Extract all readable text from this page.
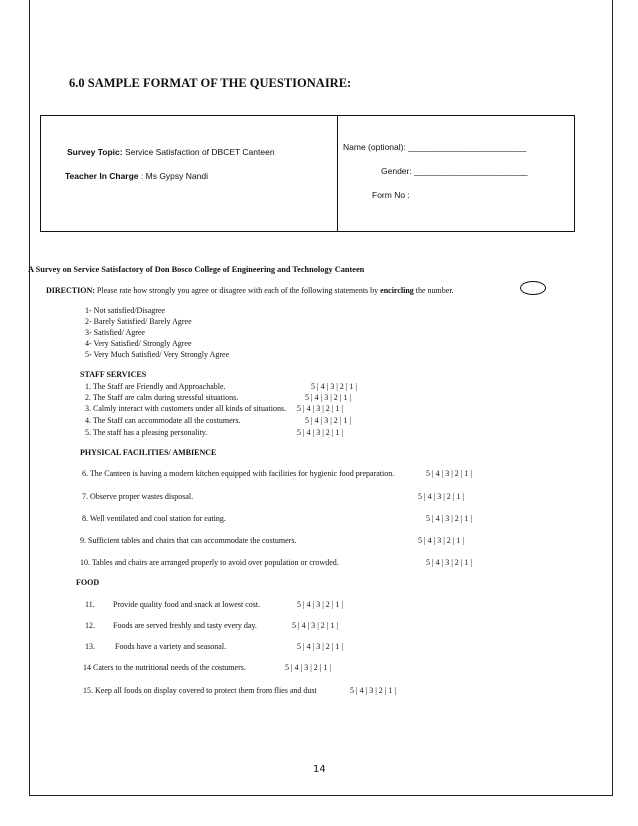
6.0 SAMPLE FORMAT OF THE QUESTIONAIRE:
Survey Topic: Service Satisfaction of DBCET Canteen
Teacher In Charge : Ms Gypsy Nandi
Name (optional): _________________________
Gender: ________________________
Form No :
A Survey on Service Satisfactory of Don Bosco College of Engineering and Technology Canteen
DIRECTION: Please rate how strongly you agree or disagree with each of the following statements by encircling the number.
1- Not satisfied/Disagree
2- Barely Satisfied/ Barely Agree
3- Satisfied/ Agree
4- Very Satisfied/ Strongly Agree
5- Very Much Satisfied/ Very Strongly Agree
STAFF SERVICES
1. The Staff are Friendly and Approachable.	5 | 4 | 3 | 2 | 1 |
2. The Staff are calm during stressful situations.	5 | 4 | 3 | 2 | 1 |
3. Calmly interact with customers under all kinds of situations. 5 | 4 | 3 | 2 | 1 |
4. The Staff can accommodate all the costumers.	5 | 4 | 3 | 2 | 1 |
5. The staff has a pleasing personality.	5 | 4 | 3 | 2 | 1 |
PHYSICAL FACILITIES/ AMBIENCE
6. The Canteen is having a modern kitchen equipped with facilities for hygienic food preparation.	5 | 4 | 3 | 2 | 1 |
7. Observe proper wastes disposal.	5 | 4 | 3 | 2 | 1 |
8. Well ventilated and cool station for eating.	5 | 4 | 3 | 2 | 1 |
9. Sufficient tables and chairs that can accommodate the costumers.	5 | 4 | 3 | 2 | 1 |
10. Tables and chairs are arranged properly to avoid over population or crowded.	5 | 4 | 3 | 2 | 1 |
FOOD
11. Provide quality food and snack at lowest cost.	5 | 4 | 3 | 2 | 1 |
12. Foods are served freshly and tasty every day.	5 | 4 | 3 | 2 | 1 |
13.	Foods have a variety and seasonal.	5 | 4 | 3 | 2 | 1 |
14 Caters to the nutritional needs of the costumers.	5 | 4 | 3 | 2 | 1 |
15. Keep all foods on display covered to protect them from flies and dust	5 | 4 | 3 | 2 | 1 |
14
